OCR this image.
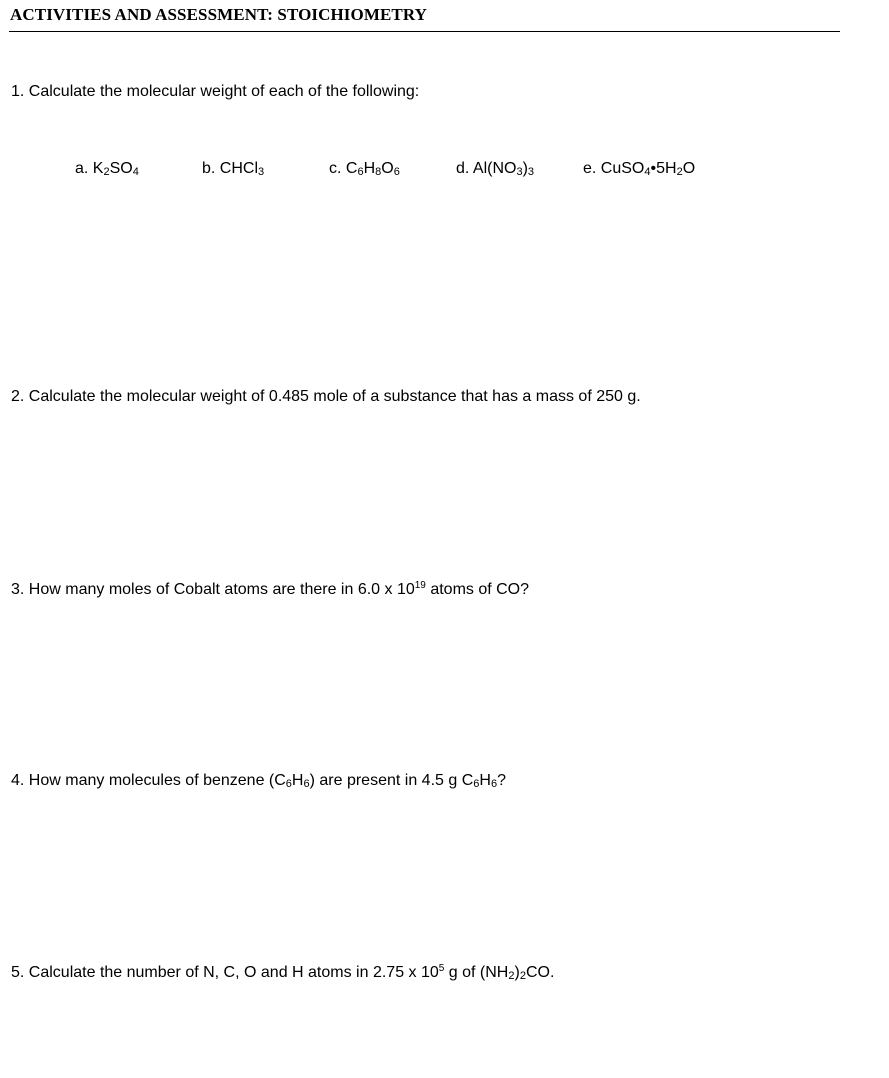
ACTIVITIES AND ASSESSMENT: STOICHIOMETRY

1. Calculate the molecular weight of each of the following:

a. K2SO4	b. CHCl3	c. C6H8O6	d. Al(NO3)3	e. CuSO4•5H2O

2. Calculate the molecular weight of 0.485 mole of a substance that has a mass of 250 g.

3. How many moles of Cobalt atoms are there in 6.0 x $10^{19}$ atoms of CO?

4. How many molecules of benzene (C6H6) are present in 4.5 g C6H6?

5. Calculate the number of N, C, O and H atoms in 2.75 x $10^5$ g of (NH2)2CO.
